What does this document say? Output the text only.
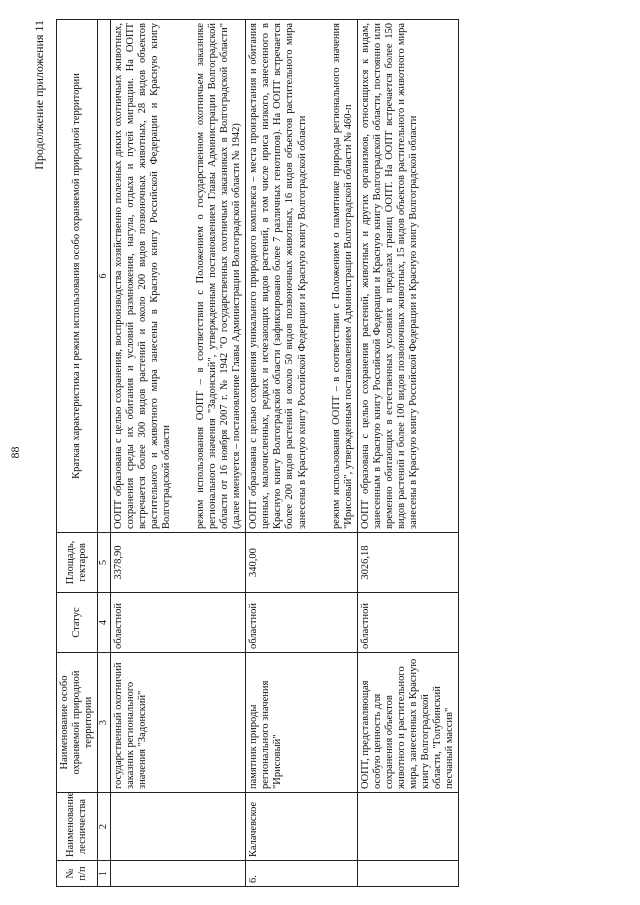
88
Продолжение приложения 11
№ п/п	Наименование лесничества	Наименование особо охраняемой природной территории	Статус	Площадь, гектаров	Краткая характеристика и режим использования особо охраняемой природной территории
1	2	3	4	5	6
		государственный охотничий заказник регионального значения "Задонский"	областной	3378,90	ООПТ образована с целью сохранения, воспроизводства хозяйственно полезных диких охотничьих животных, сохранения среды их обитания и условий размножения, нагула, отдыха и путей миграции. На ООПТ встречается более 300 видов растений и около 200 видов позвоночных животных, 28 видов объектов растительного и животного мира занесены в Красную книгу Российской Федерации и Красную книгу Волгоградской области режим использования ООПТ – в соответствии с Положением о государственном охотничьем заказнике регионального значения "Задонский", утвержденным постановлением Главы Администрации Волгоградской области от 16 ноября 2007 г. № 1942 "О государственных охотничьих заказниках в Волгоградской области" (далее именуется – постановление Главы Администрации Волгоградской области № 1942)

6.	Калачевское	памятник природы регионального значения "Ирисовый"	областной	340,00	ООПТ образована с целью сохранения уникального природного комплекса – места произрастания и обитания ценных, малочисленных, редких и исчезающих видов растений, в том числе ириса низкого, занесенного в Красную книгу Волгоградской области (зафиксировано более 7 различных генотипов). На ООПТ встречается более 200 видов растений и около 50 видов позвоночных животных, 16 видов объектов растительного мира занесены в Красную книгу Российской Федерации и Красную книгу Волгоградской области режим использования ООПТ – в соответствии с Положением о памятнике природы регионального значения "Ирисовый", утвержденным постановлением Администрации Волгоградской области № 460-п

		ООПТ, представляющая особую ценность для сохранения объектов животного и растительного мира, занесенных в Красную книгу Волгоградской области, "Голубинский песчаный массив"	областной	3026,18	ООПТ образована с целью сохранения растений, животных и других организмов, относящихся к видам, занесенным в Красную книгу Российской Федерации и Красную книгу Волгоградской области, постоянно или временно обитающих в естественных условиях в пределах границ ООПТ. На ООПТ встречается более 150 видов растений и более 100 видов позвоночных животных, 15 видов объектов растительного и животного мира занесены в Красную книгу Российской Федерации и Красную книгу Волгоградской области
